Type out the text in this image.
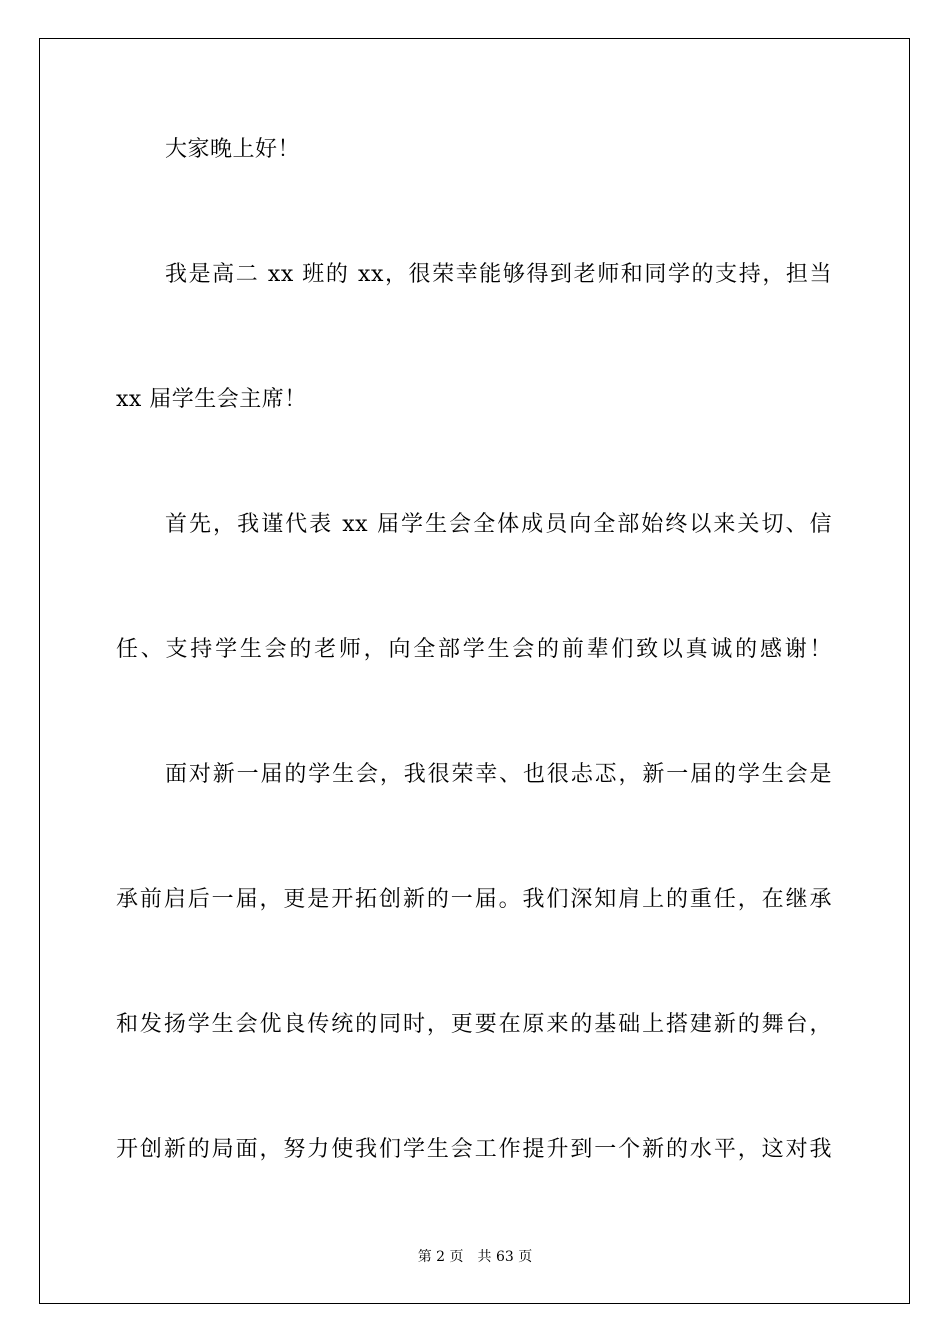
大家晚上好！
我是高二 xx 班的 xx，很荣幸能够得到老师和同学的支持，担当
xx 届学生会主席！
首先，我谨代表 xx 届学生会全体成员向全部始终以来关切、信
任、支持学生会的老师，向全部学生会的前辈们致以真诚的感谢！
面对新一届的学生会，我很荣幸、也很忐忑，新一届的学生会是
承前启后一届，更是开拓创新的一届。我们深知肩上的重任，在继承
和发扬学生会优良传统的同时，更要在原来的基础上搭建新的舞台，
开创新的局面，努力使我们学生会工作提升到一个新的水平，这对我
第 2 页 共 63 页
